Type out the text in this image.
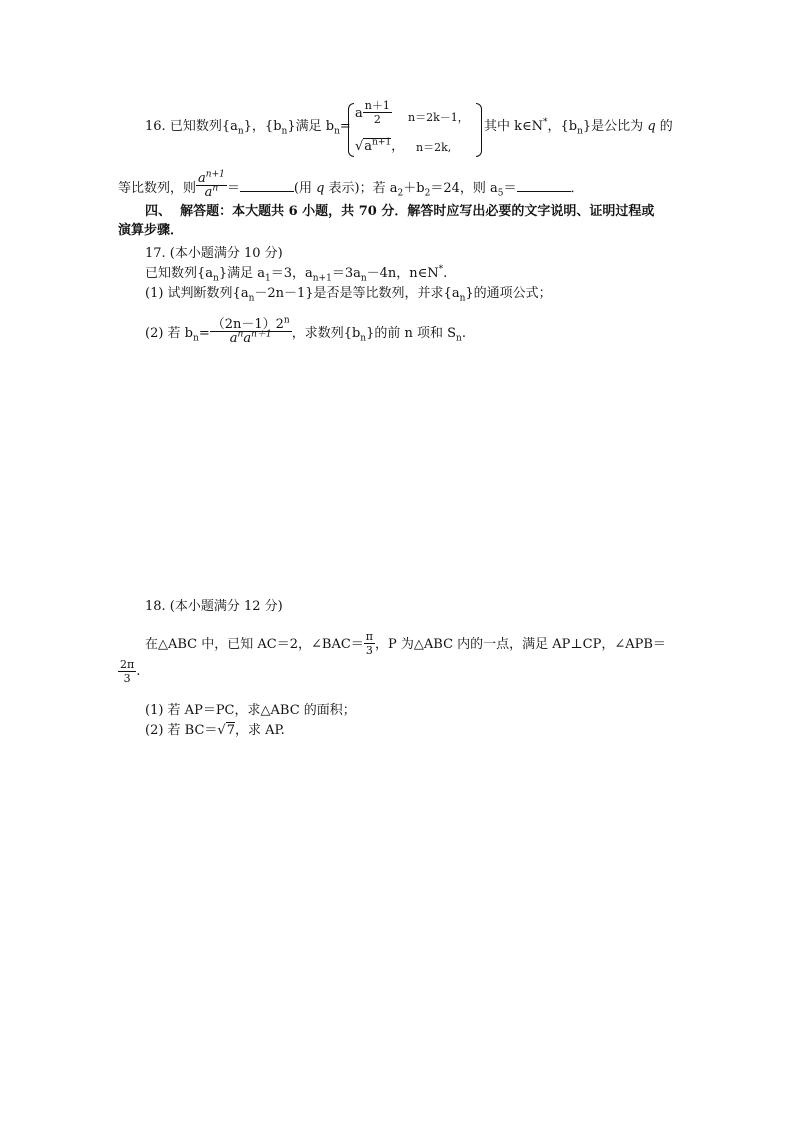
16. 已知数列$\{a_n\}$，$\{b_n\}$满足 $b_n=$
a $\frac{n+1}{2} n=2k-1$，
$√a^{n+1}$， n＝2k,
其中 k∈N*，$\{b_n\}$是公比为 q 的
等比数列，则 $\frac{a^{n+1}}{a^n}$ ＝	(用 q 表示)；若 $a_2+b_2=24$，则 $a_5=$	．
四、 解答题：本大题共 6 小题，共 70 分．解答时应写出必要的文字说明、证明过程或
演算步骤．
17. (本小题满分 10 分)
已知数列$\{a_n\}$满足 $a_1=3$，$a_{n+1}=3a_n-4n$，n∈N*.
(1) 试判断数列$\{a_n-2n-1\}$是否是等比数列，并求$\{a_n\}$的通项公式；
(2) 若 $b_n= \frac{(2n-1)2^n}{a^na^{n+1}}$ ，求数列$\{b_n\}$的前 n 项和 $S_n$.
18. (本小题满分 12 分)
在△ABC 中，已知 AC＝2，∠BAC＝ $\frac{\pi}{3}$ ，P 为△ABC 内的一点，满足 AP⊥CP，∠APB＝
$\frac{2\pi}{3}$ .
(1) 若 AP＝PC，求△ABC 的面积；
(2) 若 BC＝√7，求 AP.
